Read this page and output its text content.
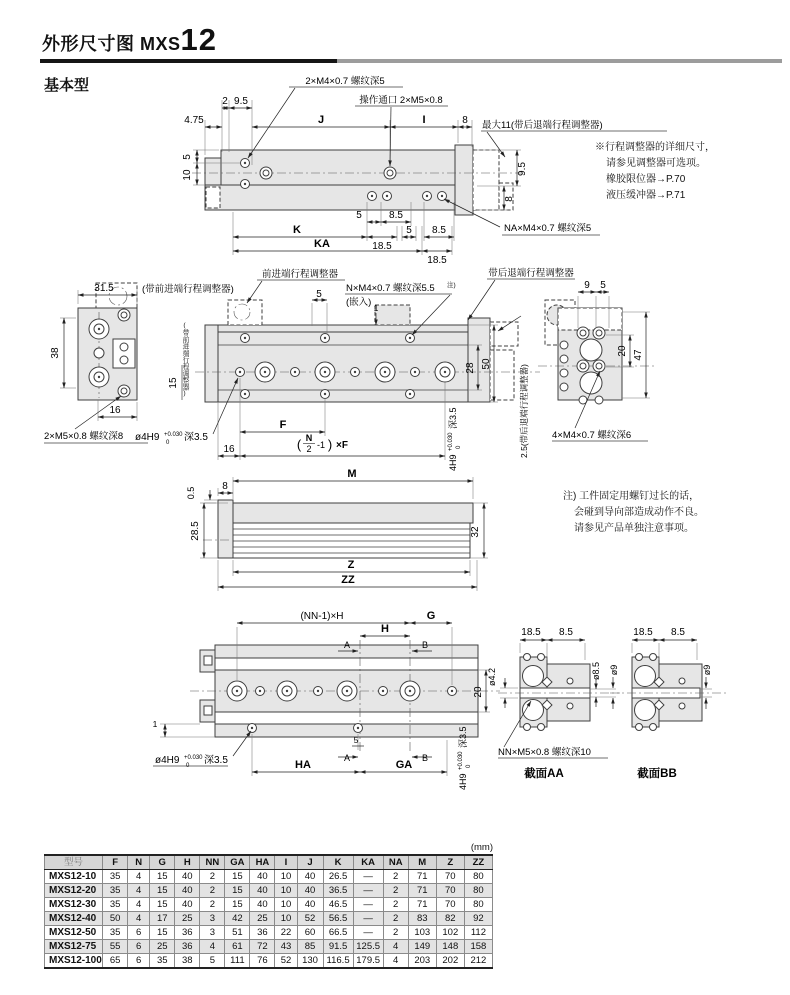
外形尺寸图 MXS12
基本型	2×M4×0.7 螺纹深5
操作通口 2×M5×0.8
2 9.5
4.75	J	I	8 最大11(带后退端行程调整器)
5
10	9.5
8
5	8.5
K
18.5
5 8.5
KA
18.5
NA×M4×0.7 螺纹深5
31.5	(带前进端行程调整器)
38
16
2×M5×0.8 螺纹深8
前进端行程调整器
N×M4×0.7 螺纹深5.5 注)
(嵌入)
带后退端行程调整器
5
1
15
28 50
2.5(带后退端行程调整器)
F
16	( N
2 -1 ) ×F
ø4H9 +0.030
0 深3.5
4H9
+0.030 0
深3.5
9 5
20 47
4×M4×0.7 螺纹深6
0.5
8
M
28.5	32
Z
ZZ
(NN-1)×H	G
H
A	B
20
1
5
A	B
HA	GA
ø4H9 +0.030
0 深3.5
4H9
+0.030 0
深3.5
ø4.2	ø8.5 ø9
18.5 8.5
NN×M5×0.8 螺纹深10
截面AA
ø9
18.5 8.5
截面BB
※行程调整器的详细尺寸，
请参见调整器可选项。
橡胶限位器→P.70
液压缓冲器→P.71
(带前进端行程调整器)
注) 工件固定用螺钉过长的话，
会碰到导向部造成动作不良。
请参见产品单独注意事项。
(mm)
型号	F	N	G	H	NN	GA	HA	I	J	K	KA	NA	M	Z	ZZ
MXS12-10	35	4	15	40	2	15	40	10	40	26.5	—	2	71	70	80
MXS12-20	35	4	15	40	2	15	40	10	40	36.5	—	2	71	70	80
MXS12-30	35	4	15	40	2	15	40	10	40	46.5	—	2	71	70	80
MXS12-40	50	4	17	25	3	42	25	10	52	56.5	—	2	83	82	92
MXS12-50	35	6	15	36	3	51	36	22	60	66.5	—	2	103	102	112
MXS12-75	55	6	25	36	4	61	72	43	85	91.5	125.5	4	149	148	158
MXS12-100	65	6	35	38	5	111	76	52	130	116.5	179.5	4	203	202	212
